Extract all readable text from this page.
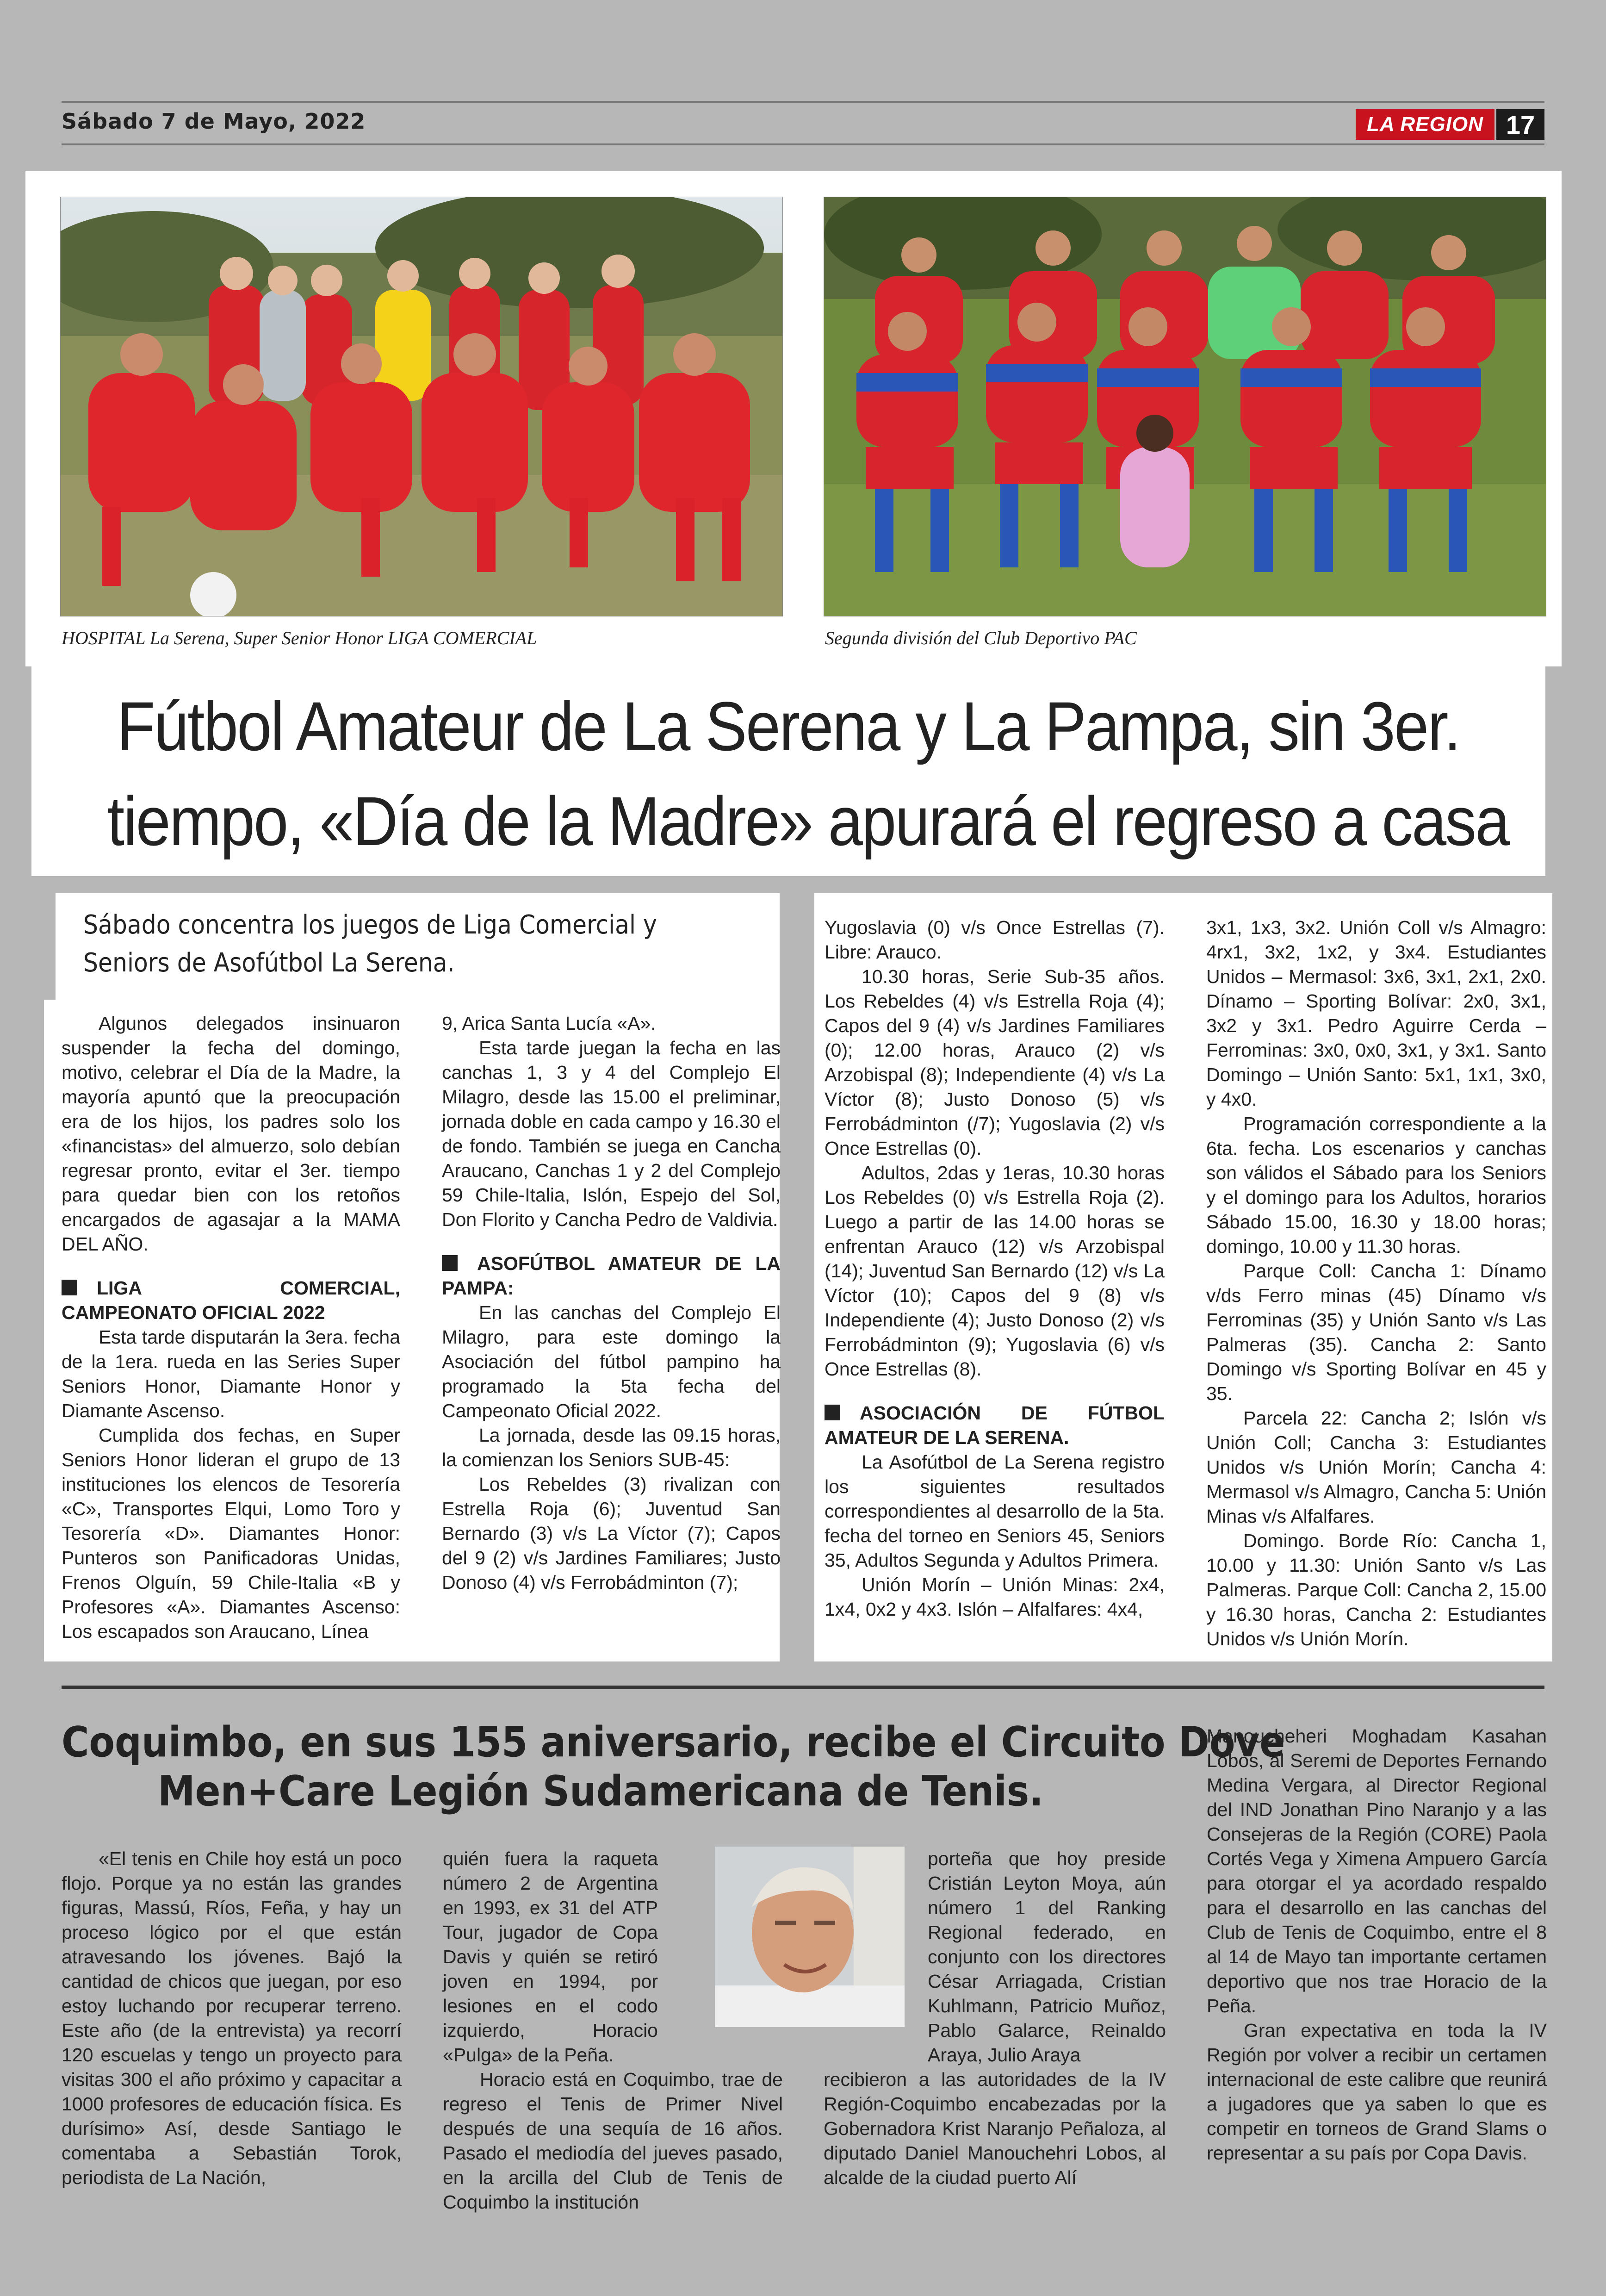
Sábado 7 de Mayo, 2022	LA REGION 17
HOSPITAL La Serena, Super Senior Honor LIGA COMERCIAL	Segunda división del Club Deportivo PAC
Fútbol Amateur de La Serena y La Pampa, sin 3er.
tiempo, «Día de la Madre» apurará el regreso a casa
Sábado concentra los juegos de Liga Comercial y
Seniors de Asofútbol La Serena.

Algunos delegados insinuaron suspender la fecha del domingo, motivo, celebrar el Día de la Madre, la mayoría apuntó que la preocupación era de los hijos, los padres solo los «financistas» del almuerzo, solo debían regresar pronto, evitar el 3er. tiempo para quedar bien con los retoños encargados de agasajar a la MAMA DEL AÑO.

LIGA COMERCIAL, CAMPEONATO OFICIAL 2022

Esta tarde disputarán la 3era. fecha de la 1era. rueda en las Series Super Seniors Honor, Diamante Honor y Diamante Ascenso.

Cumplida dos fechas, en Super Seniors Honor lideran el grupo de 13 instituciones los elencos de Tesorería «C», Transportes Elqui, Lomo Toro y Tesorería «D». Diamantes Honor: Punteros son Panificadoras Unidas, Frenos Olguín, 59 Chile-Italia «B y Profesores «A». Diamantes Ascenso: Los escapados son Araucano, Línea

9, Arica Santa Lucía «A».

Esta tarde juegan la fecha en las canchas 1, 3 y 4 del Complejo El Milagro, desde las 15.00 el preliminar, jornada doble en cada campo y 16.30 el de fondo. También se juega en Cancha Araucano, Canchas 1 y 2 del Complejo 59 Chile-Italia, Islón, Espejo del Sol, Don Florito y Cancha Pedro de Valdivia.

ASOFÚTBOL AMATEUR DE LA PAMPA:

En las canchas del Complejo El Milagro, para este domingo la Asociación del fútbol pampino ha programado la 5ta fecha del Campeonato Oficial 2022.

La jornada, desde las 09.15 horas, la comienzan los Seniors SUB-45:

Los Rebeldes (3) rivalizan con Estrella Roja (6); Juventud San Bernardo (3) v/s La Víctor (7); Capos del 9 (2) v/s Jardines Familiares; Justo Donoso (4) v/s Ferrobádminton (7);

Yugoslavia (0) v/s Once Estrellas (7). Libre: Arauco.

10.30 horas, Serie Sub-35 años. Los Rebeldes (4) v/s Estrella Roja (4); Capos del 9 (4) v/s Jardines Familiares (0); 12.00 horas, Arauco (2) v/s Arzobispal (8); Independiente (4) v/s La Víctor (8); Justo Donoso (5) v/s Ferrobádminton (/7); Yugoslavia (2) v/s Once Estrellas (0).

Adultos, 2das y 1eras, 10.30 horas Los Rebeldes (0) v/s Estrella Roja (2). Luego a partir de las 14.00 horas se enfrentan Arauco (12) v/s Arzobispal (14); Juventud San Bernardo (12) v/s La Víctor (10); Capos del 9 (8) v/s Independiente (4); Justo Donoso (2) v/s Ferrobádminton (9); Yugoslavia (6) v/s Once Estrellas (8).

ASOCIACIÓN DE FÚTBOL AMATEUR DE LA SERENA.

La Asofútbol de La Serena registro los siguientes resultados correspondientes al desarrollo de la 5ta. fecha del torneo en Seniors 45, Seniors 35, Adultos Segunda y Adultos Primera.

Unión Morín – Unión Minas: 2x4, 1x4, 0x2 y 4x3. Islón – Alfalfares: 4x4,

3x1, 1x3, 3x2. Unión Coll v/s Almagro: 4rx1, 3x2, 1x2, y 3x4. Estudiantes Unidos – Mermasol: 3x6, 3x1, 2x1, 2x0. Dínamo – Sporting Bolívar: 2x0, 3x1, 3x2 y 3x1. Pedro Aguirre Cerda – Ferrominas: 3x0, 0x0, 3x1, y 3x1. Santo Domingo – Unión Santo: 5x1, 1x1, 3x0, y 4x0.

Programación correspondiente a la 6ta. fecha. Los escenarios y canchas son válidos el Sábado para los Seniors y el domingo para los Adultos, horarios Sábado 15.00, 16.30 y 18.00 horas; domingo, 10.00 y 11.30 horas.

Parque Coll: Cancha 1: Dínamo v/ds Ferro minas (45) Dínamo v/s Ferrominas (35) y Unión Santo v/s Las Palmeras (35). Cancha 2: Santo Domingo v/s Sporting Bolívar en 45 y 35.

Parcela 22: Cancha 2; Islón v/s Unión Coll; Cancha 3: Estudiantes Unidos v/s Unión Morín; Cancha 4: Mermasol v/s Almagro, Cancha 5: Unión Minas v/s Alfalfares.

Domingo. Borde Río: Cancha 1, 10.00 y 11.30: Unión Santo v/s Las Palmeras. Parque Coll: Cancha 2, 15.00 y 16.30 horas, Cancha 2: Estudiantes Unidos v/s Unión Morín.

Coquimbo, en sus 155 aniversario, recibe el Circuito Dove
Men+Care Legión Sudamericana de Tenis.

«El tenis en Chile hoy está un poco flojo. Porque ya no están las grandes figuras, Massú, Ríos, Feña, y hay un proceso lógico por el que están atravesando los jóvenes. Bajó la cantidad de chicos que juegan, por eso estoy luchando por recuperar terreno. Este año (de la entrevista) ya recorrí 120 escuelas y tengo un proyecto para visitas 300 el año próximo y capacitar a 1000 profesores de educación física. Es durísimo» Así, desde Santiago le comentaba a Sebastián Torok, periodista de La Nación,

quién fuera la raqueta número 2 de Argentina en 1993, ex 31 del ATP Tour, jugador de Copa Davis y quién se retiró joven en 1994, por lesiones en el codo izquierdo, Horacio «Pulga» de la Peña.

Horacio está en Coquimbo, trae de regreso el Tenis de Primer Nivel después de una sequía de 16 años. Pasado el mediodía del jueves pasado, en la arcilla del Club de Tenis de Coquimbo la institución

porteña que hoy preside Cristián Leyton Moya, aún número 1 del Ranking Regional federado, en conjunto con los directores César Arriagada, Cristian Kuhlmann, Patricio Muñoz, Pablo Galarce, Reinaldo Araya, Julio Araya

recibieron a las autoridades de la IV Región-Coquimbo encabezadas por la Gobernadora Krist Naranjo Peñaloza, al diputado Daniel Manouchehri Lobos, al alcalde de la ciudad puerto Alí

Manoucheheri Moghadam Kasahan Lobos, al Seremi de Deportes Fernando Medina Vergara, al Director Regional del IND Jonathan Pino Naranjo y a las Consejeras de la Región (CORE) Paola Cortés Vega y Ximena Ampuero García para otorgar el ya acordado respaldo para el desarrollo en las canchas del Club de Tenis de Coquimbo, entre el 8 al 14 de Mayo tan importante certamen deportivo que nos trae Horacio de la Peña.

Gran expectativa en toda la IV Región por volver a recibir un certamen internacional de este calibre que reunirá a jugadores que ya saben lo que es competir en torneos de Grand Slams o representar a su país por Copa Davis.
